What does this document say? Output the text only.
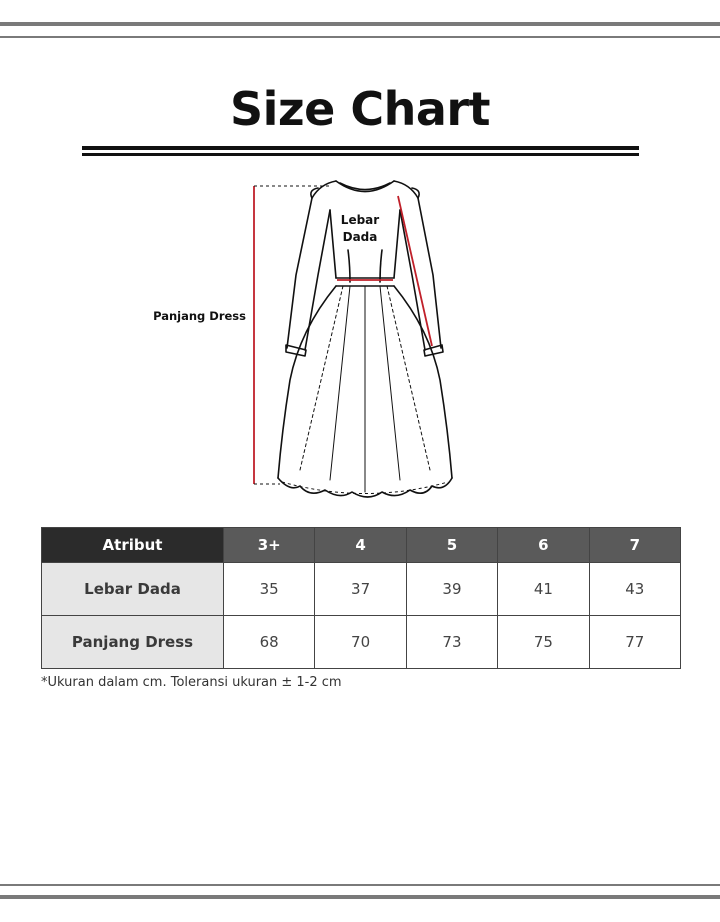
Size Chart
Lebar
Dada
Panjang Dress
Atribut	3+	4	5	6	7
Lebar Dada	35	37	39	41	43
Panjang Dress	68	70	73	75	77
*Ukuran dalam cm. Toleransi ukuran ± 1-2 cm
